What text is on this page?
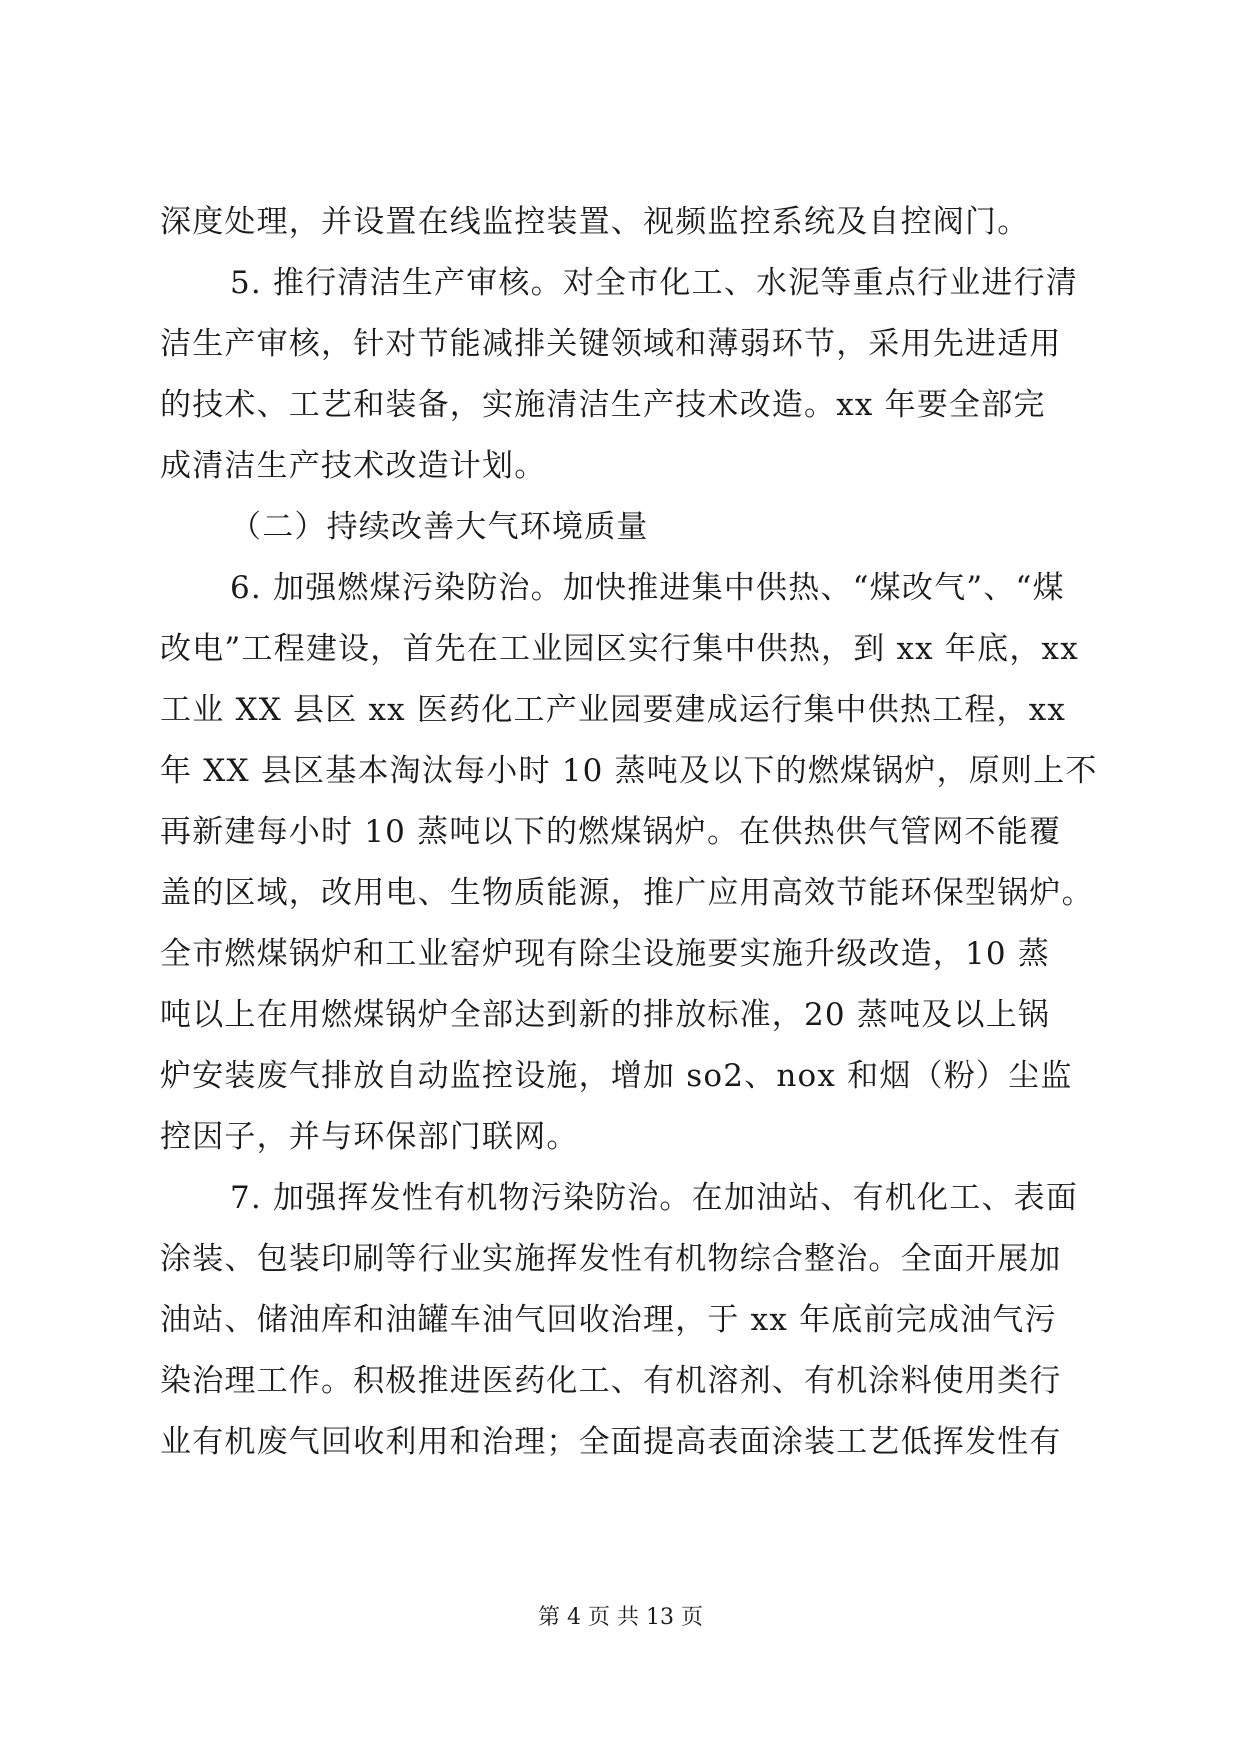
深度处理，并设置在线监控装置、视频监控系统及自控阀门。
5. 推行清洁生产审核。对全市化工、水泥等重点行业进行清
洁生产审核，针对节能减排关键领域和薄弱环节，采用先进适用
的技术、工艺和装备，实施清洁生产技术改造。xx 年要全部完
成清洁生产技术改造计划。
（二）持续改善大气环境质量
6. 加强燃煤污染防治。加快推进集中供热、“煤改气”、“煤
改电”工程建设，首先在工业园区实行集中供热，到 xx 年底，xx
工业 XX 县区 xx 医药化工产业园要建成运行集中供热工程，xx
年 XX 县区基本淘汰每小时 10 蒸吨及以下的燃煤锅炉，原则上不
再新建每小时 10 蒸吨以下的燃煤锅炉。在供热供气管网不能覆
盖的区域，改用电、生物质能源，推广应用高效节能环保型锅炉。
全市燃煤锅炉和工业窑炉现有除尘设施要实施升级改造，10 蒸
吨以上在用燃煤锅炉全部达到新的排放标准，20 蒸吨及以上锅
炉安装废气排放自动监控设施，增加 so2、nox 和烟（粉）尘监
控因子，并与环保部门联网。
7. 加强挥发性有机物污染防治。在加油站、有机化工、表面
涂装、包装印刷等行业实施挥发性有机物综合整治。全面开展加
油站、储油库和油罐车油气回收治理，于 xx 年底前完成油气污
染治理工作。积极推进医药化工、有机溶剂、有机涂料使用类行
业有机废气回收利用和治理；全面提高表面涂装工艺低挥发性有
第 4 页 共 13 页
